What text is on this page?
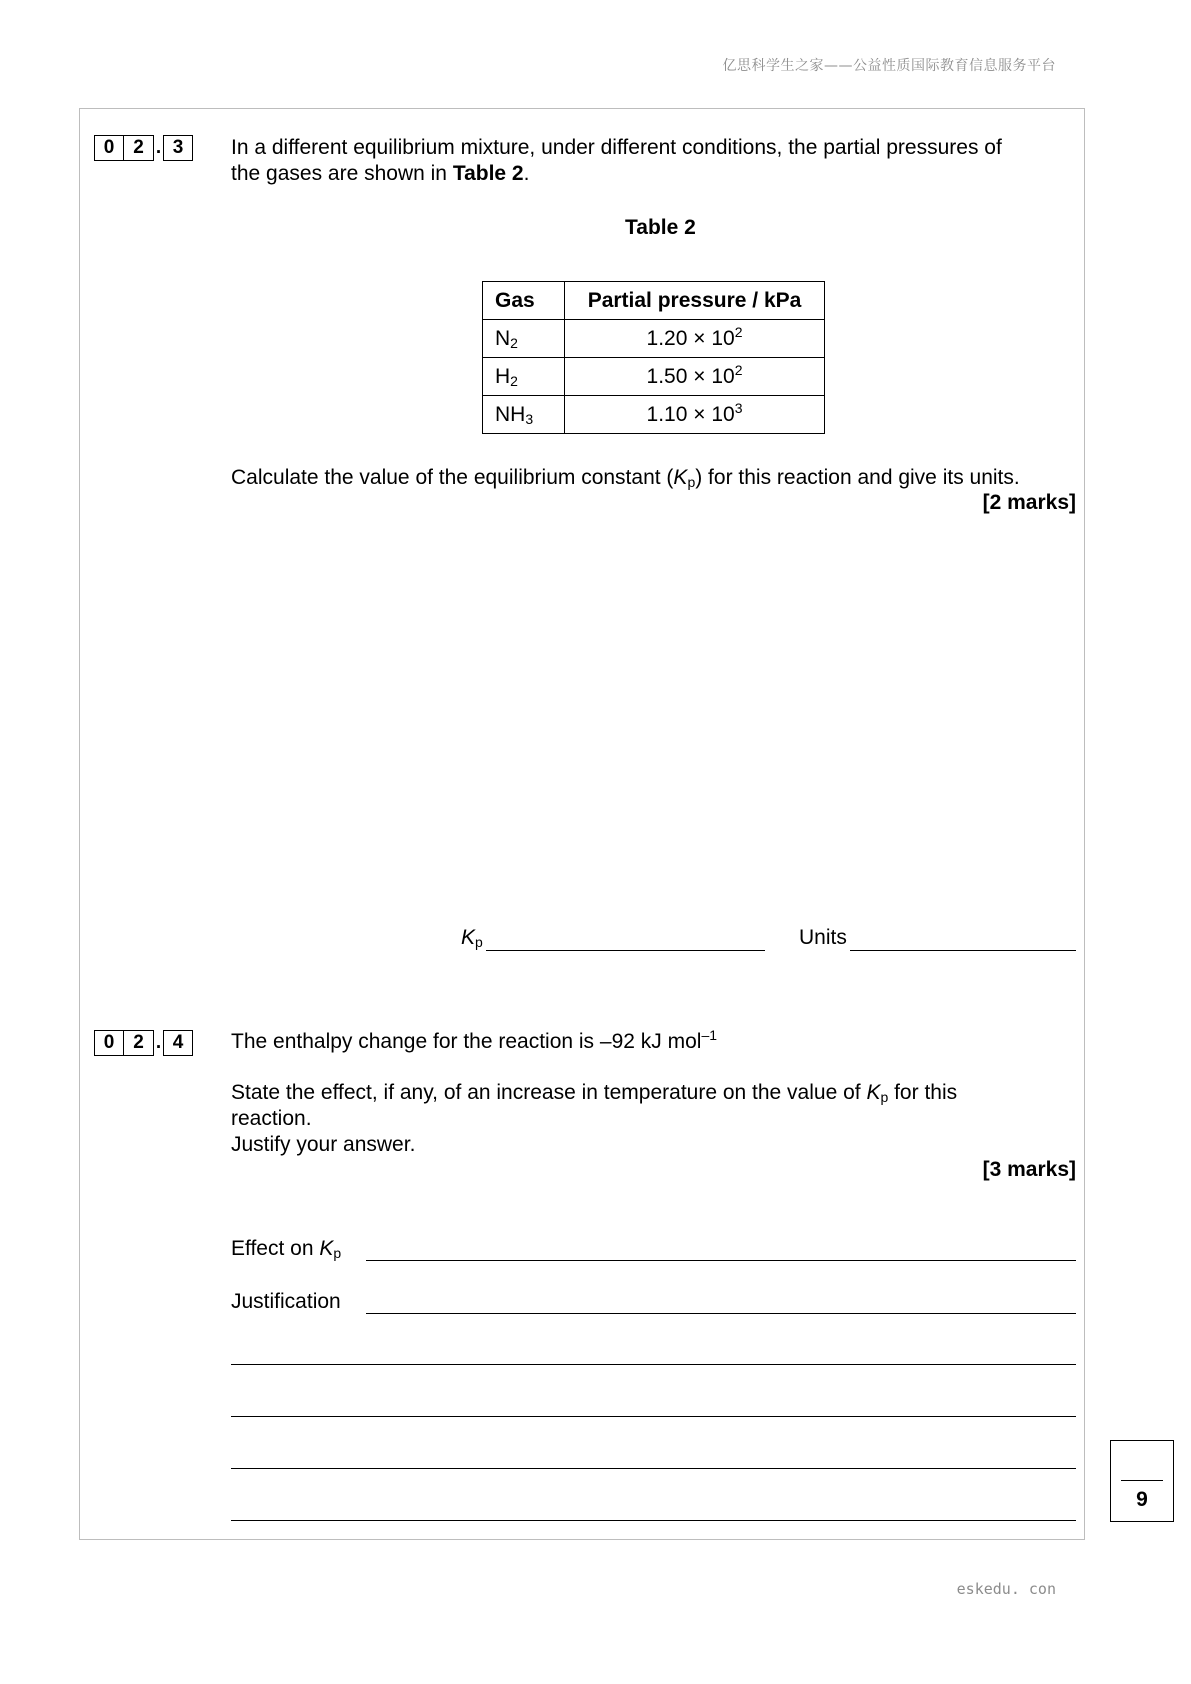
亿思科学生之家——公益性质国际教育信息服务平台
0 2 . 3	In a different equilibrium mixture, under different conditions, the partial pressures of
the gases are shown in Table 2.
Table 2
Gas	Partial pressure / kPa
$N_2$	$1.20 \times 10^2$
$H_2$	$1.50 \times 10^2$
$NH_3$	$1.10 \times 10^3$
Calculate the value of the equilibrium constant $(K_p)$ for this reaction and give its units.
[2 marks]
$K_p$	Units
0 2 . 4	The enthalpy change for the reaction is –92 kJ mol$^{-1}$
State the effect, if any, of an increase in temperature on the value of $K_p$ for this
reaction.
Justify your answer.
[3 marks]
Effect on $K_p$
Justification
9
eskedu. con
